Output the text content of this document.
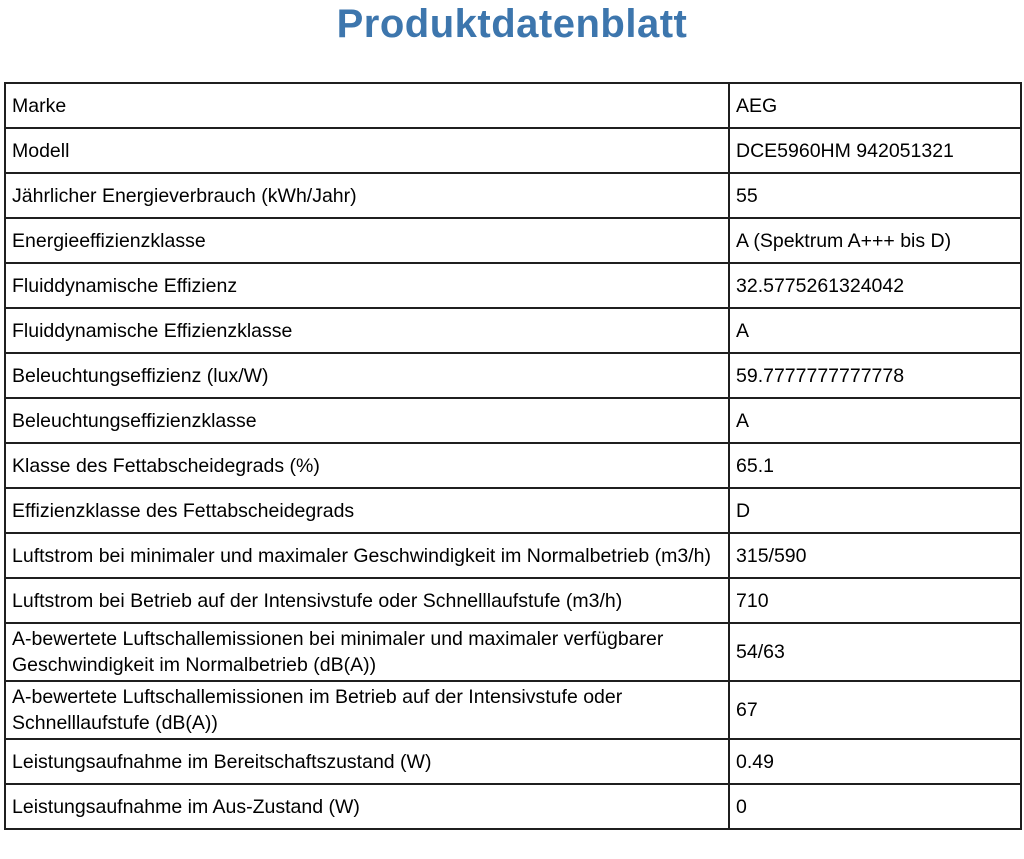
Produktdatenblatt
Marke	AEG
Modell	DCE5960HM 942051321
Jährlicher Energieverbrauch (kWh/Jahr)	55
Energieeffizienzklasse	A (Spektrum A+++ bis D)
Fluiddynamische Effizienz	32.5775261324042
Fluiddynamische Effizienzklasse	A
Beleuchtungseffizienz (lux/W)	59.7777777777778
Beleuchtungseffizienzklasse	A
Klasse des Fettabscheidegrads (%)	65.1
Effizienzklasse des Fettabscheidegrads	D
Luftstrom bei minimaler und maximaler Geschwindigkeit im Normalbetrieb (m3/h)	315/590
Luftstrom bei Betrieb auf der Intensivstufe oder Schnelllaufstufe (m3/h)	710
A-bewertete Luftschallemissionen bei minimaler und maximaler verfügbarer Geschwindigkeit im Normalbetrieb (dB(A))	54/63
A-bewertete Luftschallemissionen im Betrieb auf der Intensivstufe oder Schnelllaufstufe (dB(A))	67
Leistungsaufnahme im Bereitschaftszustand (W)	0.49
Leistungsaufnahme im Aus-Zustand (W)	0
